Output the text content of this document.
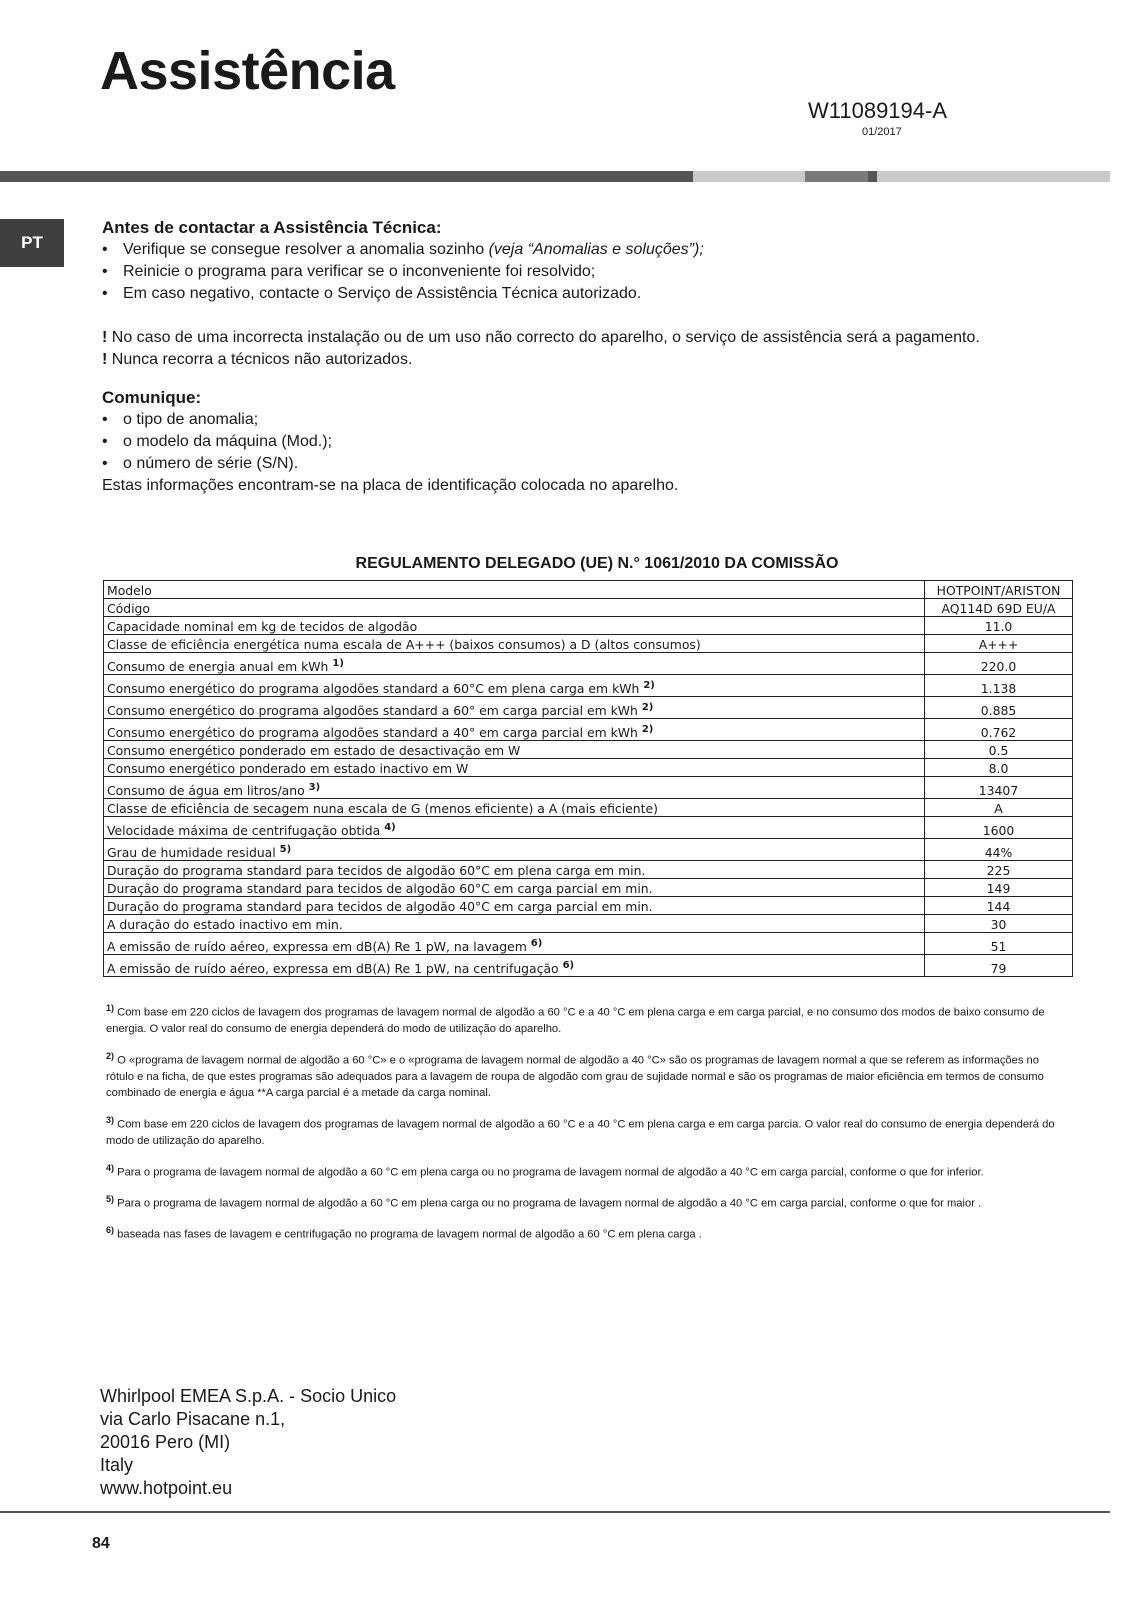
Assistência
W11089194-A
01/2017
PT
Antes de contactar a Assistência Técnica:
• Verifique se consegue resolver a anomalia sozinho (veja “Anomalias e soluções”);
• Reinicie o programa para verificar se o inconveniente foi resolvido;
• Em caso negativo, contacte o Serviço de Assistência Técnica autorizado.

! No caso de uma incorrecta instalação ou de um uso não correcto do aparelho, o serviço de assistência será a pagamento.

! Nunca recorra a técnicos não autorizados.

Comunique:
• o tipo de anomalia;
• o modelo da máquina (Mod.);
• o número de série (S/N).

Estas informações encontram-se na placa de identificação colocada no aparelho.

REGULAMENTO DELEGADO (UE) N.° 1061/2010 DA COMISSÃO
Modelo	HOTPOINT/ARISTON
Código	AQ114D 69D EU/A
Capacidade nominal em kg de tecidos de algodão	11.0
Classe de eficiência energética numa escala de A+++ (baixos consumos) a D (altos consumos)	A+++
Consumo de energia anual em kWh $^{1)}$	220.0
Consumo energético do programa algodões standard a 60°C em plena carga em kWh $^{2)}$	1.138
Consumo energético do programa algodões standard a 60° em carga parcial em kWh $^{2)}$	0.885
Consumo energético do programa algodões standard a 40° em carga parcial em kWh $^{2)}$	0.762
Consumo energético ponderado em estado de desactivação em W	0.5
Consumo energético ponderado em estado inactivo em W	8.0
Consumo de água em litros/ano $^{3)}$	13407
Classe de eficiência de secagem nuna escala de G (menos eficiente) a A (mais eficiente)	A
Velocidade máxima de centrifugação obtida $^{4)}$	1600
Grau de humidade residual $^{5)}$	44%
Duração do programa standard para tecidos de algodão 60°C em plena carga em min.	225
Duração do programa standard para tecidos de algodão 60°C em carga parcial em min.	149
Duração do programa standard para tecidos de algodão 40°C em carga parcial em min.	144
A duração do estado inactivo em min.	30
A emissão de ruído aéreo, expressa em dB(A) Re 1 pW, na lavagem $^{6)}$	51
A emissão de ruído aéreo, expressa em dB(A) Re 1 pW, na centrifugação $^{6)}$	79

$^{1)}$ Com base em 220 ciclos de lavagem dos programas de lavagem normal de algodão a 60 °C e a 40 °C em plena carga e em carga parcial, e no consumo dos modos de baixo consumo de energia. O valor real do consumo de energia dependerá do modo de utilização do aparelho.

$^{2)}$ O «programa de lavagem normal de algodão a 60 °C» e o «programa de lavagem normal de algodão a 40 °C» são os programas de lavagem normal a que se referem as informações no rótulo e na ficha, de que estes programas são adequados para a lavagem de roupa de algodão com grau de sujidade normal e são os programas de maior eficiência em termos de consumo combinado de energia e água **A carga parcial é a metade da carga nominal.

$^{3)}$ Com base em 220 ciclos de lavagem dos programas de lavagem normal de algodão a 60 °C e a 40 °C em plena carga e em carga parcia. O valor real do consumo de energia dependerá do modo de utilização do aparelho.

$^{4)}$ Para o programa de lavagem normal de algodão a 60 °C em plena carga ou no programa de lavagem normal de algodão a 40 °C em carga parcial, conforme o que for inferior.

$^{5)}$ Para o programa de lavagem normal de algodão a 60 °C em plena carga ou no programa de lavagem normal de algodão a 40 °C em carga parcial, conforme o que for maior .

$^{6)}$ baseada nas fases de lavagem e centrifugação no programa de lavagem normal de algodão a 60 °C em plena carga .

Whirlpool EMEA S.p.A. - Socio Unico
via Carlo Pisacane n.1,
20016 Pero (MI)
Italy
www.hotpoint.eu
84
